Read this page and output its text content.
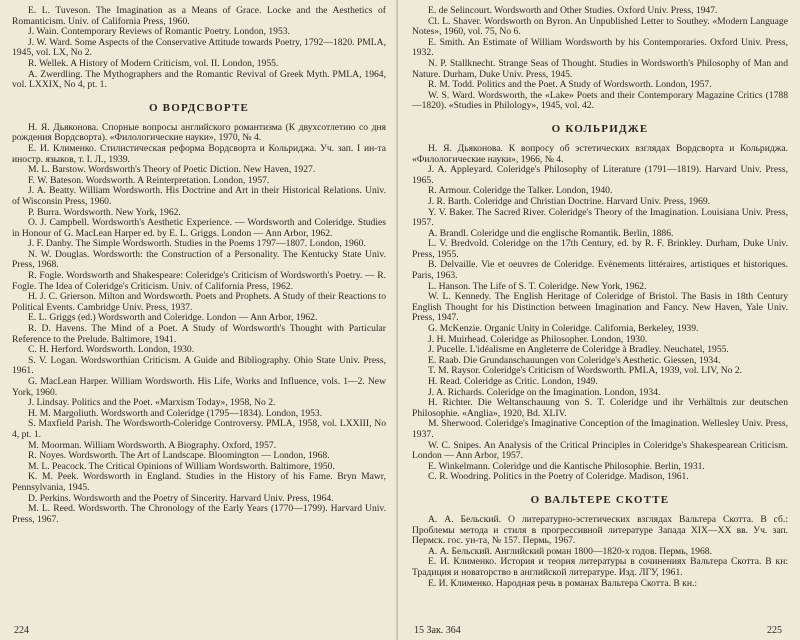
E. L. Tuveson. The Imagination as a Means of Grace. Locke and the Aesthetics of Romanticism. Univ. of California Press, 1960.

J. Wain. Contemporary Reviews of Romantic Poetry. London, 1953.

J. W. Ward. Some Aspects of the Conservative Attitude towards Poetry, 1792—1820. PMLA, 1945, vol. LX, No 2.

R. Wellek. A History of Modern Criticism, vol. II. London, 1955.

A. Zwerdling. The Mythographers and the Romantic Revival of Greek Myth. PMLA, 1964, vol. LXXIX, No 4, pt. 1.

О ВОРДСВОРТЕ

Н. Я. Дьяконова. Спорные вопросы английского романтизма (К двухсотлетию со дня рождения Вордсворта). «Филологические науки», 1970, № 4.

Е. И. Клименко. Стилистическая реформа Вордсворта и Кольриджа. Уч. зап. I ин-та иностр. языков, т. I. Л., 1939.

M. L. Barstow. Wordsworth's Theory of Poetic Diction. New Haven, 1927.

F. W. Bateson. Wordsworth. A Reinterpretation. London, 1957.

J. A. Beatty. William Wordsworth. His Doctrine and Art in their Historical Relations. Univ. of Wisconsin Press, 1960.

P. Burra. Wordsworth. New York, 1962.

O. J. Campbell. Wordsworth's Aesthetic Experience. — Wordsworth and Coleridge. Studies in Honour of G. MacLean Harper ed. by E. L. Griggs. London — Ann Arbor, 1962.

J. F. Danby. The Simple Wordsworth. Studies in the Poems 1797—1807. London, 1960.

N. W. Douglas. Wordsworth: the Construction of a Personality. The Kentucky State Univ. Press, 1968.

R. Fogle. Wordsworth and Shakespeare: Coleridge's Criticism of Wordsworth's Poetry. — R. Fogle. The Idea of Coleridge's Criticism. Univ. of California Press, 1962.

H. J. C. Grierson. Milton and Wordsworth. Poets and Prophets. A Study of their Reactions to Political Events. Cambridge Univ. Press, 1937.

E. L. Griggs (ed.) Wordsworth and Coleridge. London — Ann Arbor, 1962.

R. D. Havens. The Mind of a Poet. A Study of Wordsworth's Thought with Particular Reference to the Prelude. Baltimore, 1941.

C. H. Herford. Wordsworth. London, 1930.

S. V. Logan. Wordsworthian Criticism. A Guide and Bibliography. Ohio State Univ. Press, 1961.

G. MacLean Harper. William Wordsworth. His Life, Works and Influence, vols. 1—2. New York, 1960.

J. Lindsay. Politics and the Poet. «Marxism Today», 1958, No 2.

H. M. Margoliuth. Wordsworth and Coleridge (1795—1834). London, 1953.

S. Maxfield Parish. The Wordsworth-Coleridge Controversy. PMLA, 1958, vol. LXXIII, No 4, pt. 1.

M. Moorman. William Wordsworth. A Biography. Oxford, 1957.

R. Noyes. Wordsworth. The Art of Landscape. Bloomington — London, 1968.

M. L. Peacock. The Critical Opinions of William Wordsworth. Baltimore, 1950.

K. M. Peek. Wordsworth in England. Studies in the History of his Fame. Bryn Mawr, Pennsylvania, 1945.

D. Perkins. Wordsworth and the Poetry of Sincerity. Harvard Univ. Press, 1964.

M. L. Reed. Wordsworth. The Chronology of the Early Years (1770—1799). Harvard Univ. Press, 1967.

224

E. de Selincourt. Wordsworth and Other Studies. Oxford Univ. Press, 1947.

Cl. L. Shaver. Wordsworth on Byron. An Unpublished Letter to Southey. «Modern Language Notes», 1960, vol. 75, No 6.

E. Smith. An Estimate of William Wordsworth by his Contemporaries. Oxford Univ. Press, 1932.

N. P. Stallknecht. Strange Seas of Thought. Studies in Wordsworth's Philosophy of Man and Nature. Durham, Duke Univ. Press, 1945.

R. M. Todd. Politics and the Poet. A Study of Wordsworth. London, 1957.

W. S. Ward. Wordsworth, the «Lake» Poets and their Contemporary Magazine Critics (1788—1820). «Studies in Philology», 1945, vol. 42.

О КОЛЬРИДЖЕ

Н. Я. Дьяконова. К вопросу об эстетических взглядах Вордсворта и Кольриджа. «Филологические науки», 1966, № 4.

J. A. Appleyard. Coleridge's Philosophy of Literature (1791—1819). Harvard Univ. Press, 1965.

R. Armour. Coleridge the Talker. London, 1940.

J. R. Barth. Coleridge and Christian Doctrine. Harvard Univ. Press, 1969.

Y. V. Baker. The Sacred River. Coleridge's Theory of the Imagination. Louisiana Univ. Press, 1957.

A. Brandl. Coleridge und die englische Romantik. Berlin, 1886.

L. V. Bredvold. Coleridge on the 17th Century, ed. by R. F. Brinkley. Durham, Duke Univ. Press, 1955.

B. Delvaille. Vie et oeuvres de Coleridge. Evènements littéraires, artistiques et historiques. Paris, 1963.

L. Hanson. The Life of S. T. Coleridge. New York, 1962.

W. L. Kennedy. The English Heritage of Coleridge of Bristol. The Basis in 18th Century English Thought for his Distinction between Imagination and Fancy. New Haven, Yale Univ. Press, 1947.

G. McKenzie. Organic Unity in Coleridge. California, Berkeley, 1939.

J. H. Muirhead. Coleridge as Philosopher. London, 1930.

J. Pucelle. L'idéalisme en Angleterre de Coleridge à Bradley. Neuchatel, 1955.

E. Raab. Die Grundanschauungen von Coleridge's Aesthetic. Giessen, 1934.

T. M. Raysor. Coleridge's Criticism of Wordsworth. PMLA, 1939, vol. LIV, No 2.

H. Read. Coleridge as Critic. London, 1949.

J. A. Richards. Coleridge on the Imagination. London, 1934.

H. Richter. Die Weltanschauung von S. T. Coleridge und ihr Verhältnis zur deutschen Philosophie. «Anglia», 1920, Bd. XLIV.

M. Sherwood. Coleridge's Imaginative Conception of the Imagination. Wellesley Univ. Press, 1937.

W. C. Snipes. An Analysis of the Critical Principles in Coleridge's Shakespearean Criticism. London — Ann Arbor, 1957.

E. Winkelmann. Coleridge und die Kantische Philosophie. Berlin, 1931.

C. R. Woodring. Politics in the Poetry of Coleridge. Madison, 1961.

О ВАЛЬТЕРЕ СКОТТЕ

А. А. Бельский. О литературно-эстетических взглядах Вальтера Скотта. В сб.: Проблемы метода и стиля в прогрессивной литературе Запада XIX—XX вв. Уч. зап. Пермск. гос. ун-та, № 157. Пермь, 1967.

А. А. Бельский. Английский роман 1800—1820-х годов. Пермь, 1968.

Е. И. Клименко. История и теория литературы в сочинениях Вальтера Скотта. В кн: Традиция и новаторство в английской литературе. Изд. ЛГУ, 1961.

Е. И. Клименко. Народная речь в романах Вальтера Скотта. В кн.:

15 Зак. 364	225
